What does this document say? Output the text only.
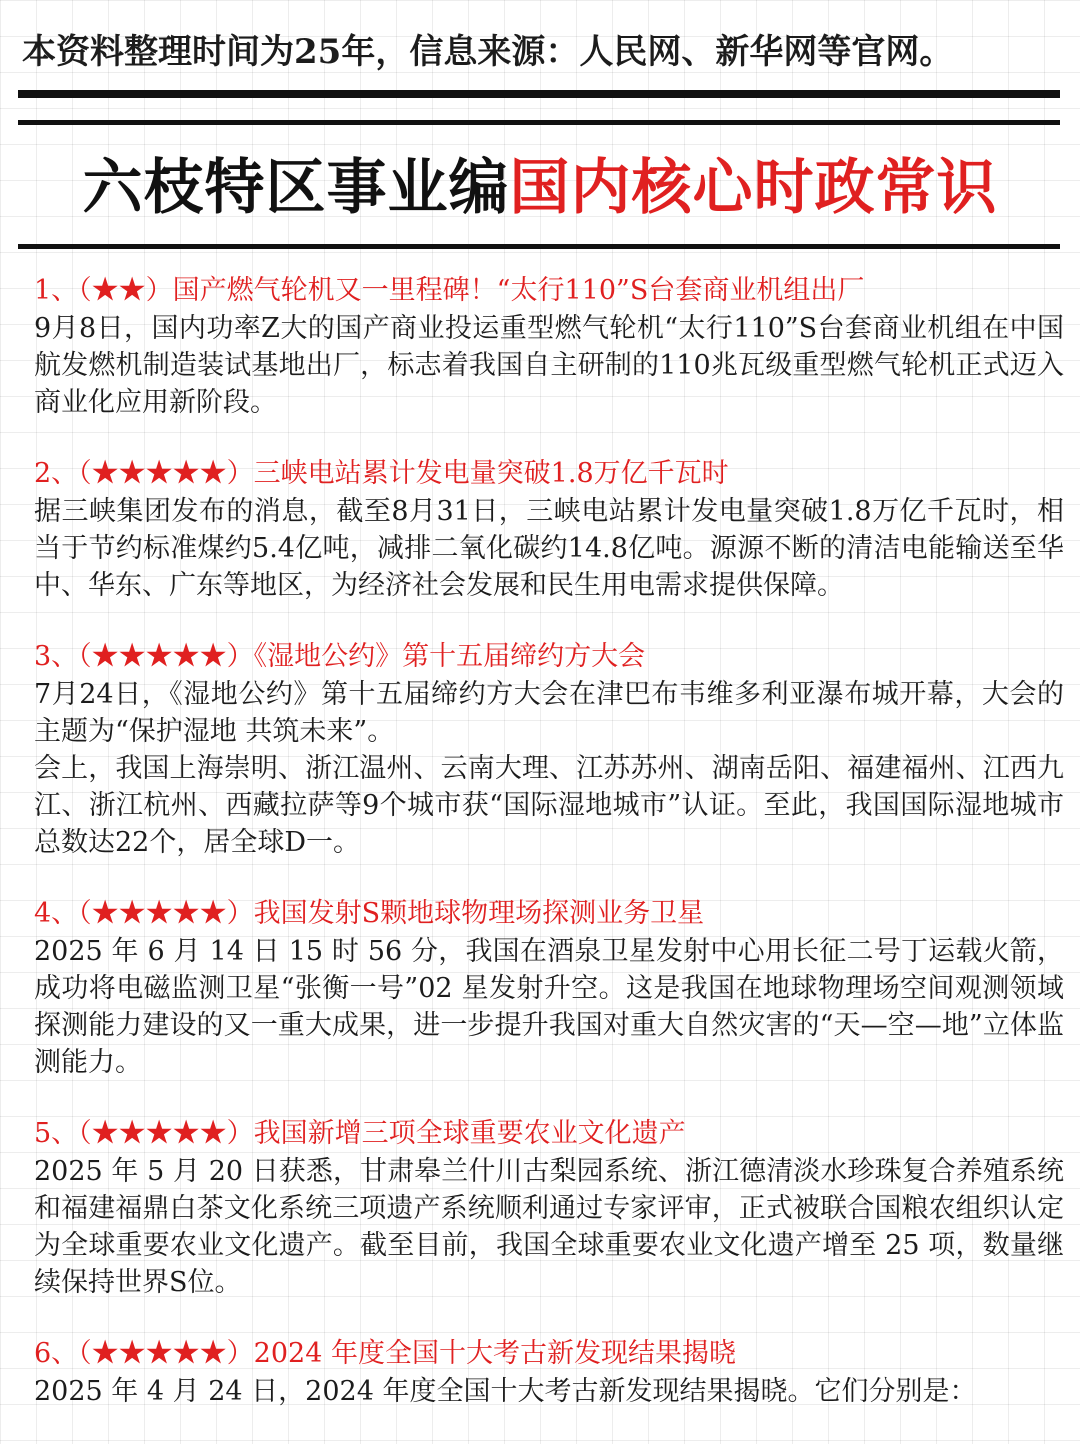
本资料整理时间为25年，信息来源：人民网、新华网等官网。
六枝特区事业编国内核心时政常识
1、（★★）国产燃气轮机又一里程碑！“太行110”S台套商业机组出厂

9月8日，国内功率Z大的国产商业投运重型燃气轮机“太行110”S台套商业机组在中国航发燃机制造装试基地出厂，标志着我国自主研制的110兆瓦级重型燃气轮机正式迈入商业化应用新阶段。

2、（★★★★★）三峡电站累计发电量突破1.8万亿千瓦时

据三峡集团发布的消息，截至8月31日，三峡电站累计发电量突破1.8万亿千瓦时，相当于节约标准煤约5.4亿吨，减排二氧化碳约14.8亿吨。源源不断的清洁电能输送至华中、华东、广东等地区，为经济社会发展和民生用电需求提供保障。

3、（★★★★★）《湿地公约》第十五届缔约方大会

7月24日，《湿地公约》第十五届缔约方大会在津巴布韦维多利亚瀑布城开幕，大会的主题为“保护湿地 共筑未来”。

会上，我国上海崇明、浙江温州、云南大理、江苏苏州、湖南岳阳、福建福州、江西九江、浙江杭州、西藏拉萨等9个城市获“国际湿地城市”认证。至此，我国国际湿地城市总数达22个，居全球D一。

4、（★★★★★）我国发射S颗地球物理场探测业务卫星

2025 年 6 月 14 日 15 时 56 分，我国在酒泉卫星发射中心用长征二号丁运载火箭，成功将电磁监测卫星“张衡一号”02 星发射升空。这是我国在地球物理场空间观测领域探测能力建设的又一重大成果，进一步提升我国对重大自然灾害的“天—空—地”立体监测能力。

5、（★★★★★）我国新增三项全球重要农业文化遗产

2025 年 5 月 20 日获悉，甘肃皋兰什川古梨园系统、浙江德清淡水珍珠复合养殖系统和福建福鼎白茶文化系统三项遗产系统顺利通过专家评审，正式被联合国粮农组织认定为全球重要农业文化遗产。截至目前，我国全球重要农业文化遗产增至 25 项，数量继续保持世界S位。

6、（★★★★★）2024 年度全国十大考古新发现结果揭晓

2025 年 4 月 24 日，2024 年度全国十大考古新发现结果揭晓。它们分别是：
